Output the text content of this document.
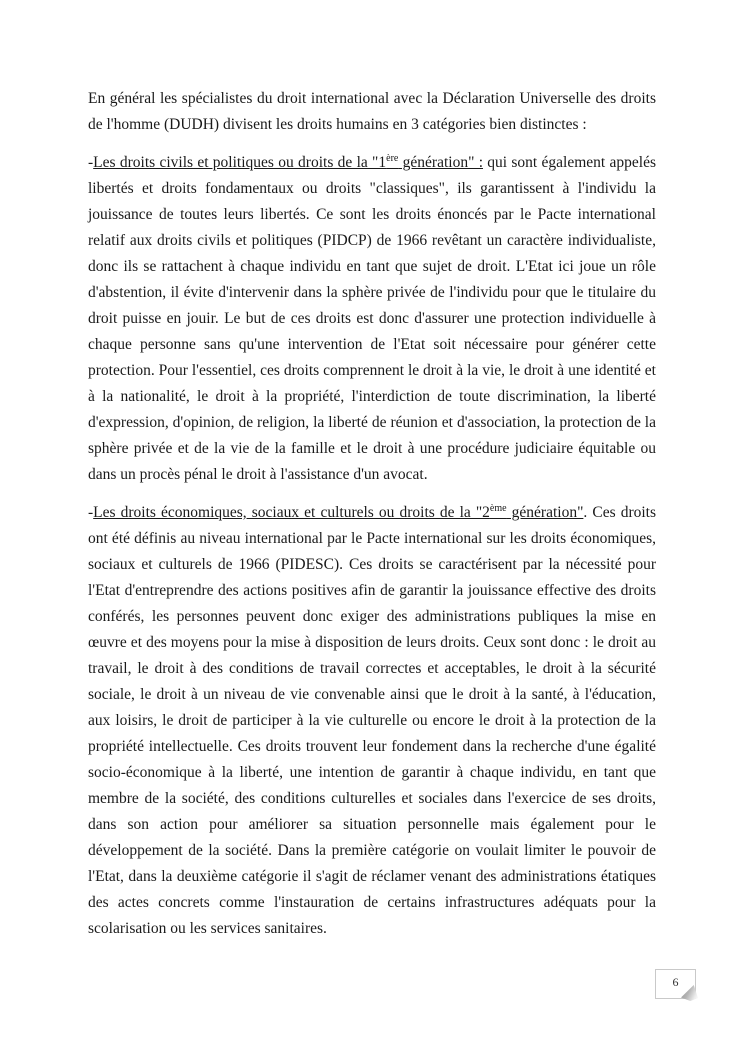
En général les spécialistes du droit international avec la Déclaration Universelle des droits de l'homme (DUDH) divisent les droits humains en 3 catégories bien distinctes :

-Les droits civils et politiques ou droits de la "1ère génération" : qui sont également appelés libertés et droits fondamentaux ou droits "classiques", ils garantissent à l'individu la jouissance de toutes leurs libertés. Ce sont les droits énoncés par le Pacte international relatif aux droits civils et politiques (PIDCP) de 1966 revêtant un caractère individualiste, donc ils se rattachent à chaque individu en tant que sujet de droit. L'Etat ici joue un rôle d'abstention, il évite d'intervenir dans la sphère privée de l'individu pour que le titulaire du droit puisse en jouir. Le but de ces droits est donc d'assurer une protection individuelle à chaque personne sans qu'une intervention de l'Etat soit nécessaire pour générer cette protection. Pour l'essentiel, ces droits comprennent le droit à la vie, le droit à une identité et à la nationalité, le droit à la propriété, l'interdiction de toute discrimination, la liberté d'expression, d'opinion, de religion, la liberté de réunion et d'association, la protection de la sphère privée et de la vie de la famille et le droit à une procédure judiciaire équitable ou dans un procès pénal le droit à l'assistance d'un avocat.

-Les droits économiques, sociaux et culturels ou droits de la "2ème génération". Ces droits ont été définis au niveau international par le Pacte international sur les droits économiques, sociaux et culturels de 1966 (PIDESC). Ces droits se caractérisent par la nécessité pour l'Etat d'entreprendre des actions positives afin de garantir la jouissance effective des droits conférés, les personnes peuvent donc exiger des administrations publiques la mise en œuvre et des moyens pour la mise à disposition de leurs droits. Ceux sont donc : le droit au travail, le droit à des conditions de travail correctes et acceptables, le droit à la sécurité sociale, le droit à un niveau de vie convenable ainsi que le droit à la santé, à l'éducation, aux loisirs, le droit de participer à la vie culturelle ou encore le droit à la protection de la propriété intellectuelle. Ces droits trouvent leur fondement dans la recherche d'une égalité socio-économique à la liberté, une intention de garantir à chaque individu, en tant que membre de la société, des conditions culturelles et sociales dans l'exercice de ses droits, dans son action pour améliorer sa situation personnelle mais également pour le développement de la société. Dans la première catégorie on voulait limiter le pouvoir de l'Etat, dans la deuxième catégorie il s'agit de réclamer venant des administrations étatiques des actes concrets comme l'instauration de certains infrastructures adéquats pour la scolarisation ou les services sanitaires.

6
